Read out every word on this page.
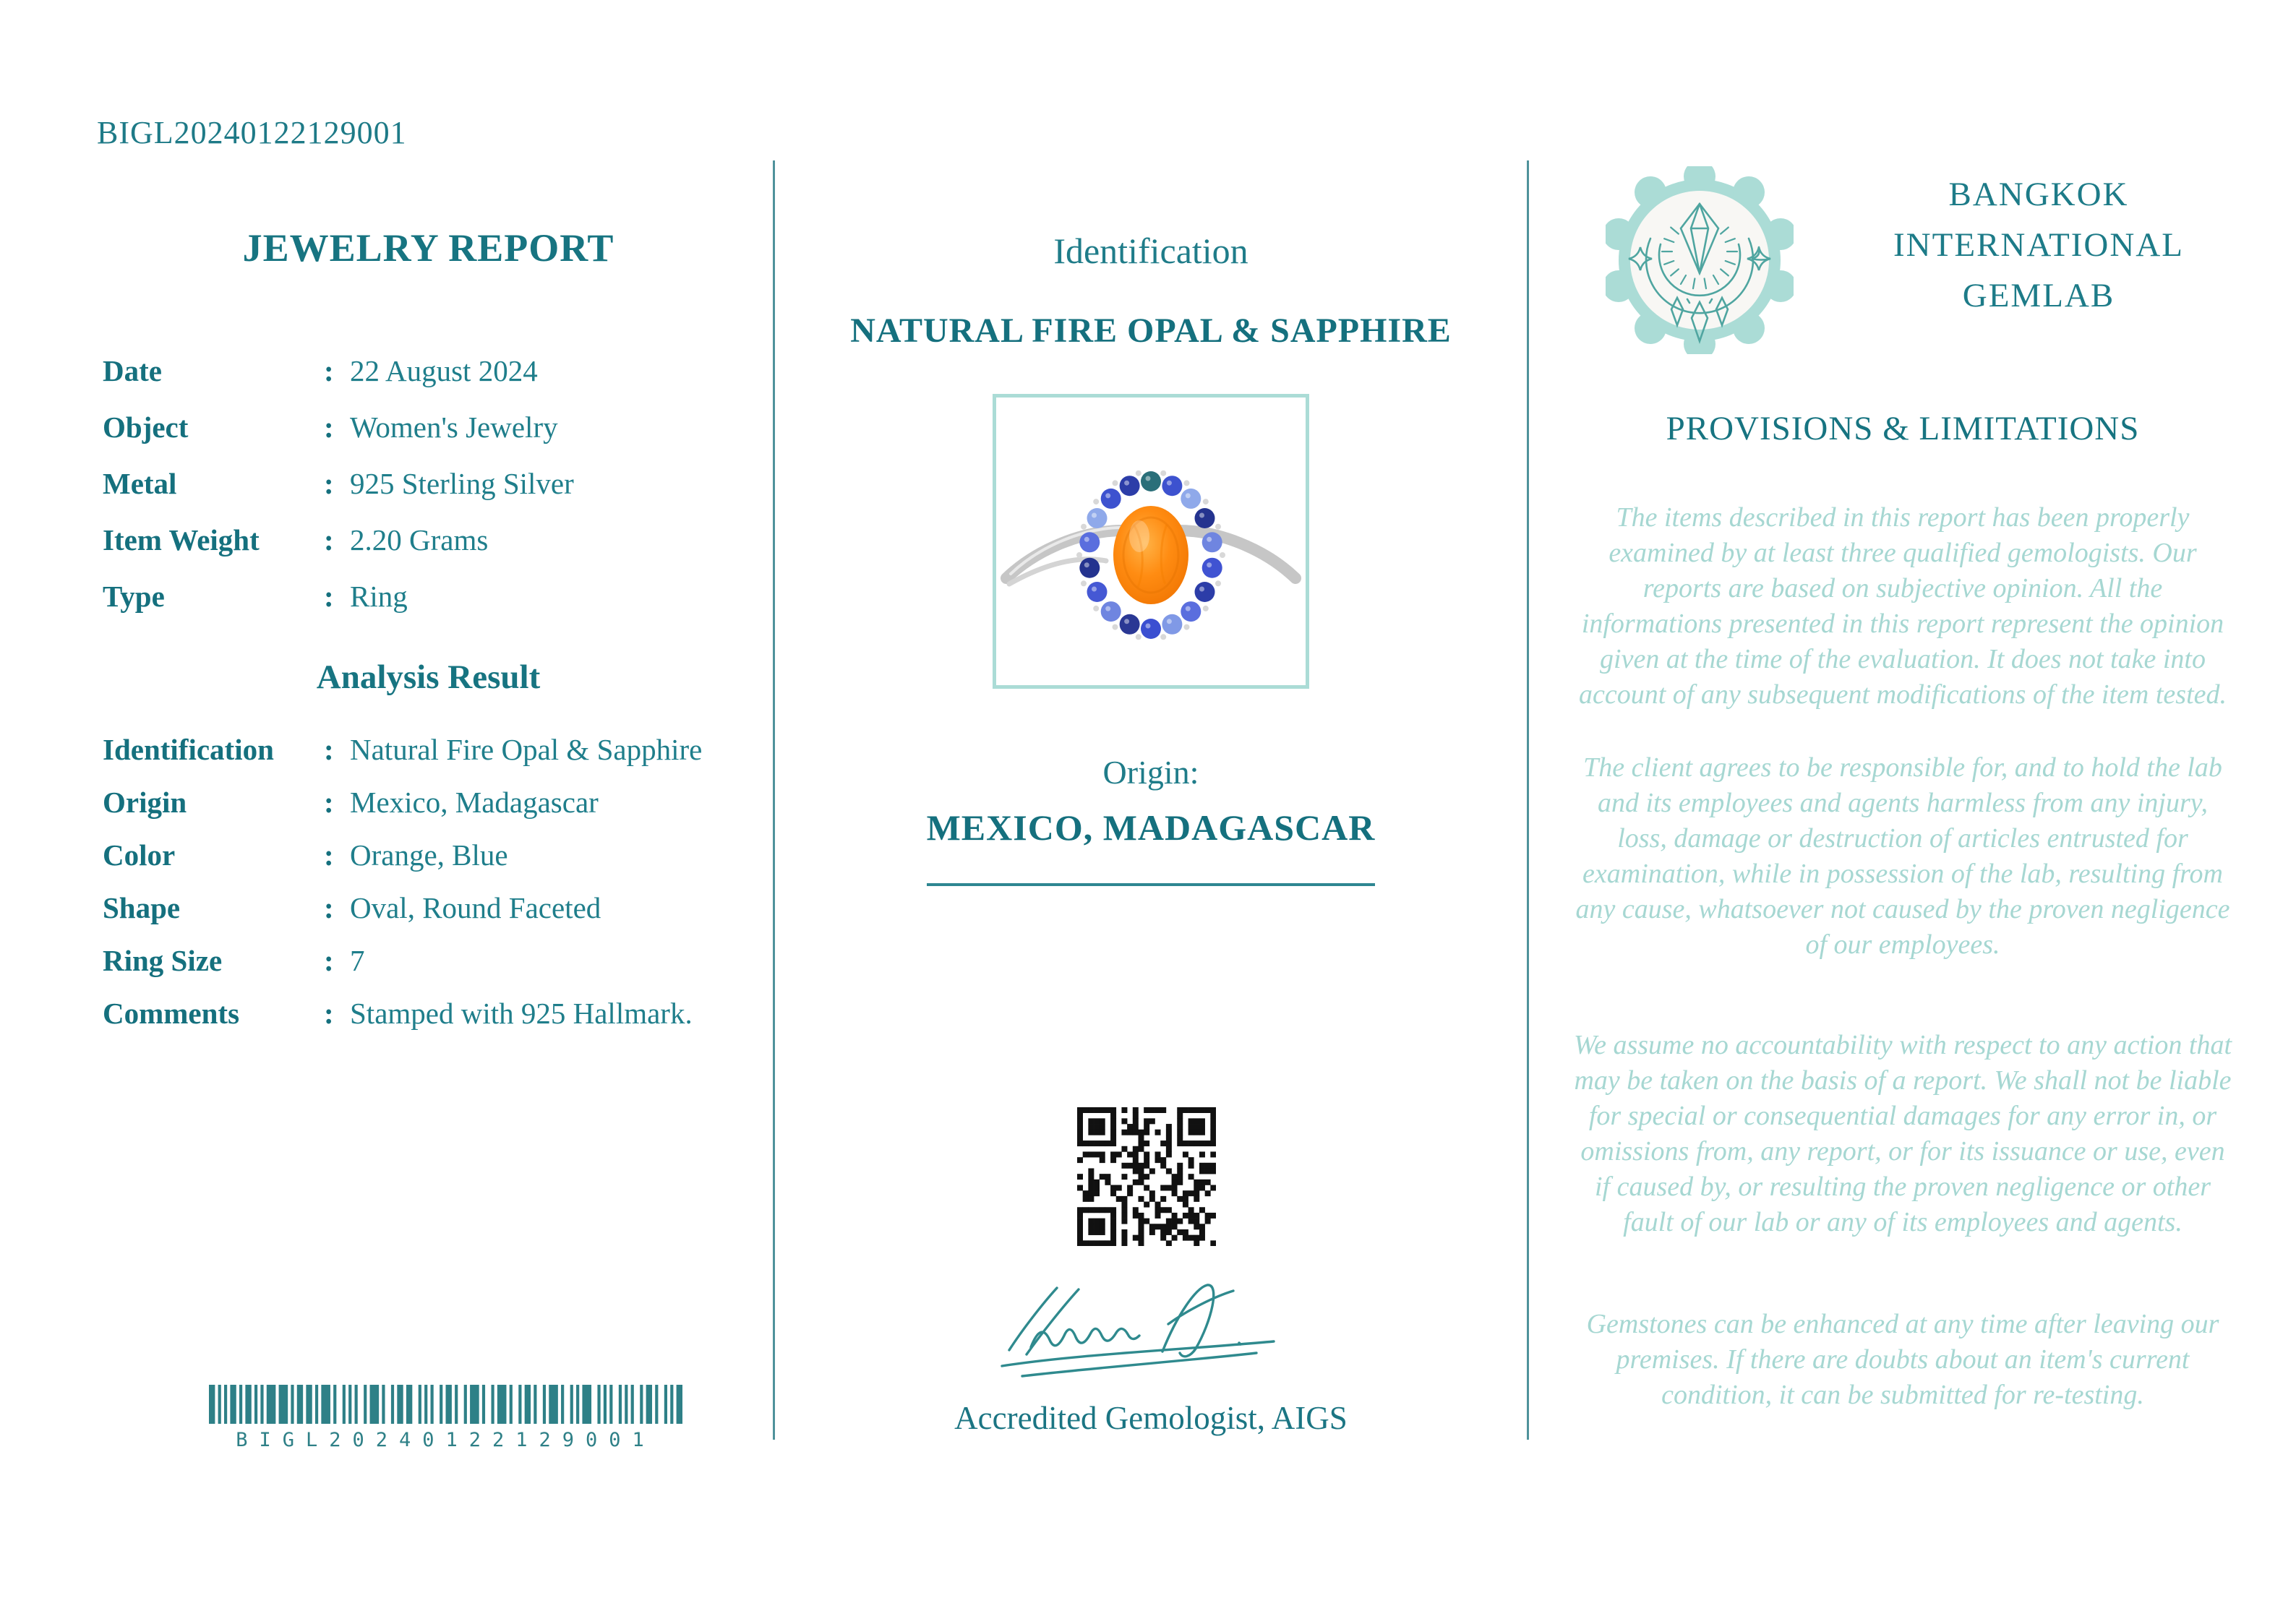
BIGL20240122129001
JEWELRY REPORT
Date	: 22 August 2024
Object	: Women's Jewelry
Metal	: 925 Sterling Silver
Item Weight	: 2.20 Grams
Type	: Ring
Analysis Result
Identification	: Natural Fire Opal & Sapphire
Origin	: Mexico, Madagascar
Color	: Orange, Blue
Shape	: Oval, Round Faceted
Ring Size	: 7
Comments	: Stamped with 925 Hallmark.
BIGL20240122129001
Identification
NATURAL FIRE OPAL & SAPPHIRE
Origin:
MEXICO, MADAGASCAR
Accredited Gemologist, AIGS
BANGKOK
INTERNATIONAL
GEMLAB
PROVISIONS & LIMITATIONS
The items described in this report has been properly examined by at least three qualified gemologists. Our reports are based on subjective opinion. All the informations presented in this report represent the opinion given at the time of the evaluation. It does not take into account of any subsequent modifications of the item tested.
The client agrees to be responsible for, and to hold the lab and its employees and agents harmless from any injury, loss, damage or destruction of articles entrusted for examination, while in possession of the lab, resulting from any cause, whatsoever not caused by the proven negligence of our employees.
We assume no accountability with respect to any action that may be taken on the basis of a report. We shall not be liable for special or consequential damages for any error in, or omissions from, any report, or for its issuance or use, even if caused by, or resulting the proven negligence or other fault of our lab or any of its employees and agents.
Gemstones can be enhanced at any time after leaving our premises. If there are doubts about an item's current condition, it can be submitted for re-testing.
